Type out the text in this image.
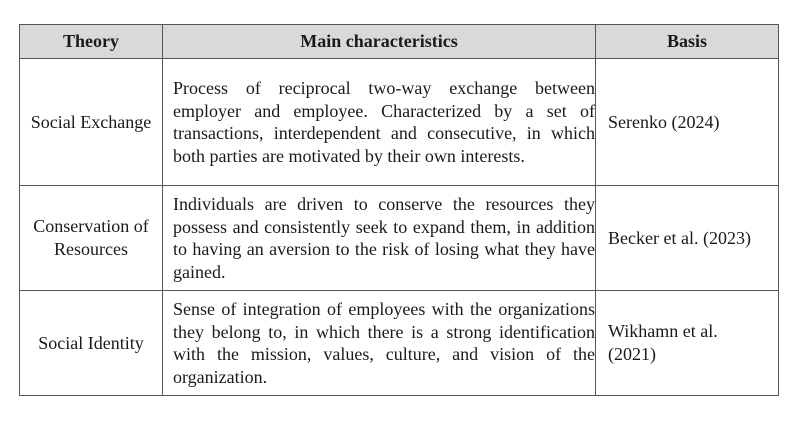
Theory	Main characteristics	Basis
Social Exchange	Process of reciprocal two-way exchange between employer and employee. Characterized by a set of transactions, interdependent and consecutive, in which both parties are motivated by their own interests.	Serenko (2024)
Conservation of Resources	Individuals are driven to conserve the resources they possess and consistently seek to expand them, in addition to having an aversion to the risk of losing what they have gained.	Becker et al. (2023)
Social Identity	Sense of integration of employees with the organizations they belong to, in which there is a strong identification with the mission, values, culture, and vision of the organization.	Wikhamn et al. (2021)
